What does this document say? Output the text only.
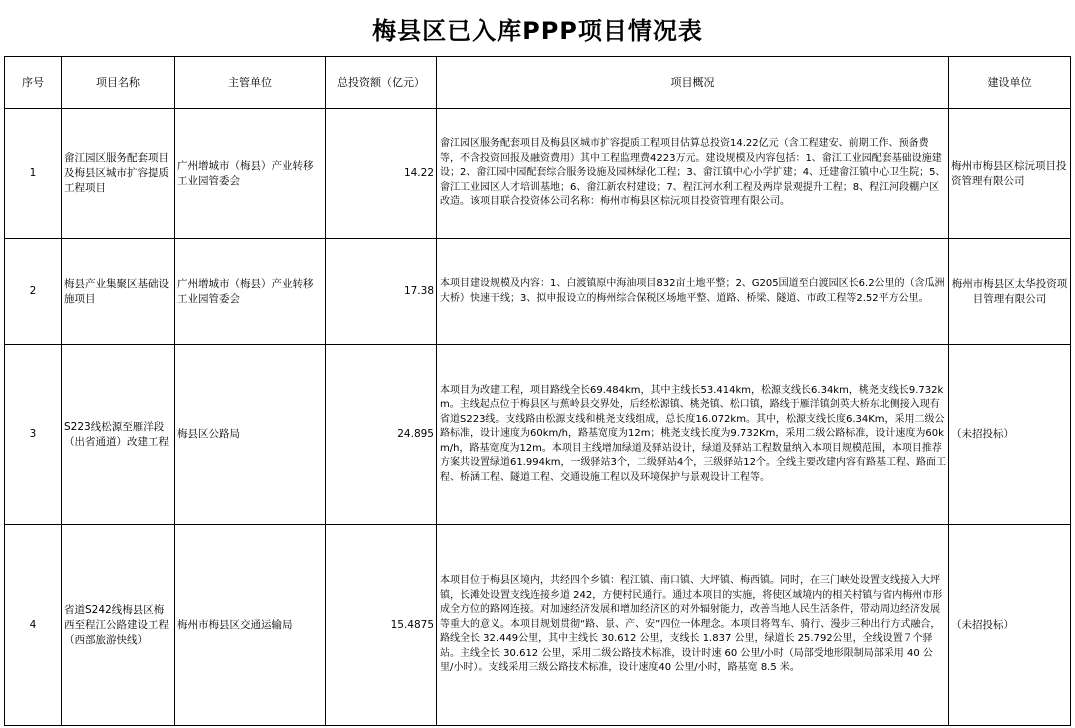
梅县区已入库PPP项目情况表
序号	项目名称	主管单位	总投资额（亿元）	项目概况	建设单位
1	畲江园区服务配套项目及梅县区城市扩容提质工程项目	广州增城市（梅县）产业转移工业园管委会	14.22	畲江园区服务配套项目及梅县区城市扩容提质工程项目估算总投资14.22亿元（含工程建安、前期工作、预备费等，不含投资回报及融资费用）其中工程监理费4223万元。建设规模及内容包括：1、畲江工业园配套基础设施建设；2、畲江园中园配套综合服务设施及园林绿化工程；3、畲江镇中心小学扩建；4、迁建畲江镇中心卫生院；5、畲江工业园区人才培训基地；6、畲江新农村建设；7、程江河水利工程及两岸景观提升工程；8、程江河段棚户区改造。该项目联合投资体公司名称：梅州市梅县区棕沅项目投资管理有限公司。	梅州市梅县区棕沅项目投资管理有限公司
2	梅县产业集聚区基础设施项目	广州增城市（梅县）产业转移工业园管委会	17.38	本项目建设规模及内容：1、白渡镇原中海油项目832亩土地平整；2、G205国道至白渡园区长6.2公里的（含瓜洲大桥）快速干线；3、拟申报设立的梅州综合保税区场地平整、道路、桥梁、隧道、市政工程等2.52平方公里。	梅州市梅县区太华投资项目管理有限公司
3	S223线松源至雁洋段（出省通道）改建工程	梅县区公路局	24.895	本项目为改建工程，项目路线全长69.484km，其中主线长53.414km，松源支线长6.34km，桃尧支线长9.732km。主线起点位于梅县区与蕉岭县交界处，后经松源镇、桃尧镇、松口镇，路线于雁洋镇剑英大桥东北侧接入现有省道S223线。支线路由松源支线和桃尧支线组成，总长度16.072km。其中，松源支线长度6.34Km，采用二级公路标准，设计速度为60km/h，路基宽度为12m；桃尧支线长度为9.732Km，采用二级公路标准，设计速度为60km/h，路基宽度为12m。本项目主线增加绿道及驿站设计，绿道及驿站工程数量纳入本项目规模范围，本项目推荐方案共设置绿道61.994km，一级驿站3个，二级驿站4个，三级驿站12个。全线主要改建内容有路基工程、路面工程、桥涵工程、隧道工程、交通设施工程以及环境保护与景观设计工程等。	（未招投标）
4	省道S242线梅县区梅西至程江公路建设工程（西部旅游快线）	梅州市梅县区交通运输局	15.4875	本项目位于梅县区境内，共经四个乡镇：程江镇、南口镇、大坪镇、梅西镇。同时，在三门峡处设置支线接入大坪镇，长滩处设置支线连接乡道 242，方便村民通行。通过本项目的实施，将使区域境内的相关村镇与省内梅州市形成全方位的路网连接。对加速经济发展和增加经济区的对外辐射能力，改善当地人民生活条件，带动周边经济发展等重大的意义。本项目规划贯彻“路、景、产、安”四位一体理念。本项目将驾车、骑行、漫步三种出行方式融合，路线全长 32.449公里，其中主线长 30.612 公里，支线长 1.837 公里，绿道长 25.792公里，全线设置７个驿站。主线全长 30.612 公里，采用二级公路技术标准，设计时速 60 公里/小时（局部受地形限制局部采用 40 公里/小时）。支线采用三级公路技术标准，设计速度40 公里/小时，路基宽 8.5 米。	（未招投标）
